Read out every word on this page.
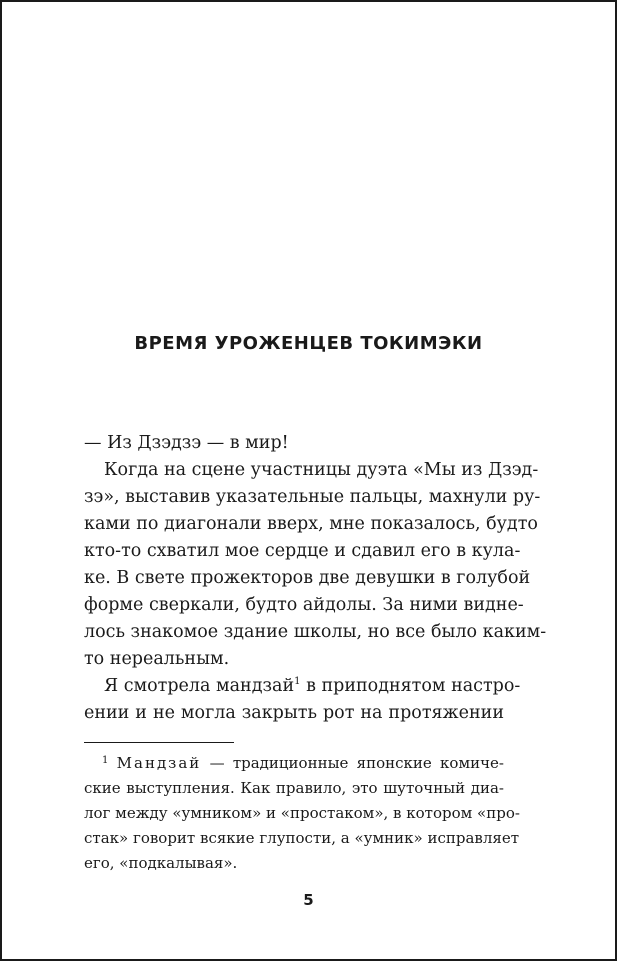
ВРЕМЯ УРОЖЕНЦЕВ ТОКИМЭКИ
— Из Дзэдзэ — в мир!
Когда на сцене участницы дуэта «Мы из Дзэд-
зэ», выставив указательные пальцы, махнули ру-
ками по диагонали вверх, мне показалось, будто
кто-то схватил мое сердце и сдавил его в кула-
ке. В свете прожекторов две девушки в голубой
форме сверкали, будто айдолы. За ними виднe-
лось знакомое здание школы, но все было каким-
то нереальным.
Я смотрела мандзай$^1$ в приподнятом настро-
ении и не могла закрыть рот на протяжении
$^1$ Мандзай — традиционные японские комиче-
ские выступления. Как правило, это шуточный диа-
лог между «умником» и «простаком», в котором «про-
стак» говорит всякие глупости, а «умник» исправляет
его, «подкалывая».
5
